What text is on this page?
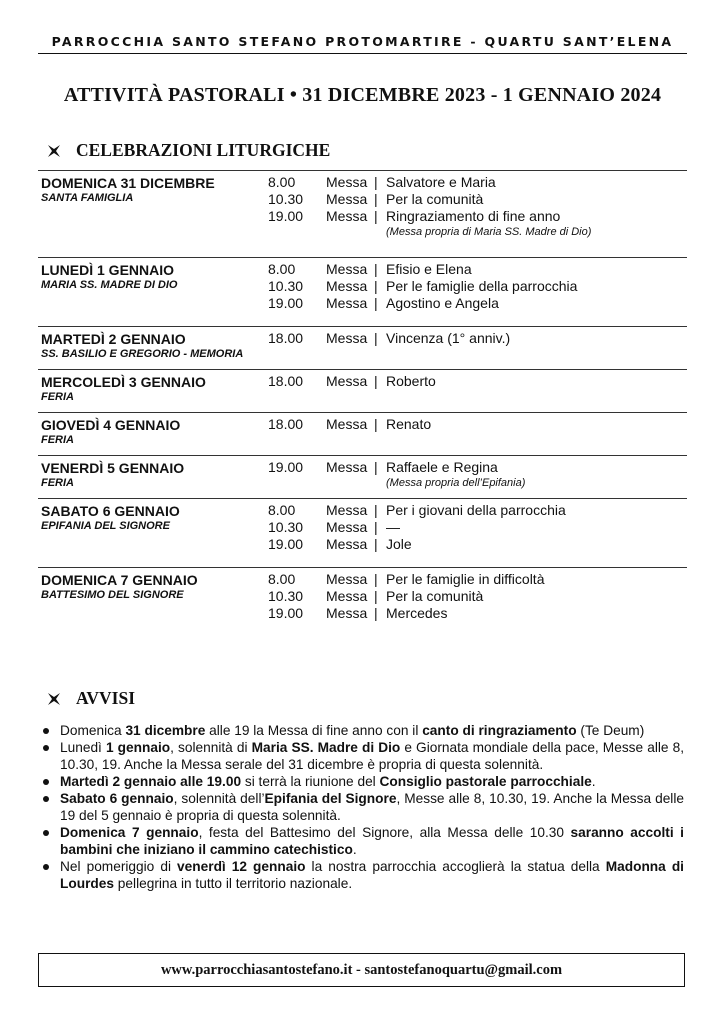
PARROCCHIA SANTO STEFANO PROTOMARTIRE - QUARTU SANT’ELENA
ATTIVITÀ PASTORALI • 31 DICEMBRE 2023 - 1 GENNAIO 2024
CELEBRAZIONI LITURGICHE
DOMENICA 31 DICEMBRE
SANTA FAMIGLIA
8.00	Messa | Salvatore e Maria
10.30	Messa | Per la comunità
19.00	Messa | Ringraziamento di fine anno
(Messa propria di Maria SS. Madre di Dio)
LUNEDÌ 1 GENNAIO
MARIA SS. MADRE DI DIO
8.00	Messa | Efisio e Elena
10.30	Messa | Per le famiglie della parrocchia
19.00	Messa | Agostino e Angela
MARTEDÌ 2 GENNAIO
SS. BASILIO E GREGORIO - MEMORIA
18.00	Messa | Vincenza (1° anniv.)
MERCOLEDÌ 3 GENNAIO
FERIA
18.00	Messa | Roberto
GIOVEDÌ 4 GENNAIO
FERIA
18.00	Messa | Renato
VENERDÌ 5 GENNAIO
FERIA
19.00	Messa | Raffaele e Regina
(Messa propria dell’Epifania)
SABATO 6 GENNAIO
EPIFANIA DEL SIGNORE
8.00	Messa | Per i giovani della parrocchia
10.30	Messa | —
19.00	Messa | Jole
DOMENICA 7 GENNAIO
BATTESIMO DEL SIGNORE
8.00	Messa | Per le famiglie in difficoltà
10.30	Messa | Per la comunità
19.00	Messa | Mercedes
AVVISI
Domenica 31 dicembre alle 19 la Messa di fine anno con il canto di ringraziamento (Te Deum)
Lunedì 1 gennaio, solennità di Maria SS. Madre di Dio e Giornata mondiale della pace, Messe alle 8, 10.30, 19. Anche la Messa serale del 31 dicembre è propria di questa solennità.
Martedì 2 gennaio alle 19.00 si terrà la riunione del Consiglio pastorale parrocchiale.
Sabato 6 gennaio, solennità dell’Epifania del Signore, Messe alle 8, 10.30, 19. Anche la Messa delle 19 del 5 gennaio è propria di questa solennità.
Domenica 7 gennaio, festa del Battesimo del Signore, alla Messa delle 10.30 saranno accolti i bambini che iniziano il cammino catechistico.
Nel pomeriggio di venerdì 12 gennaio la nostra parrocchia accoglierà la statua della Madonna di Lourdes pellegrina in tutto il territorio nazionale.
www.parrocchiasantostefano.it - santostefanoquartu@gmail.com
